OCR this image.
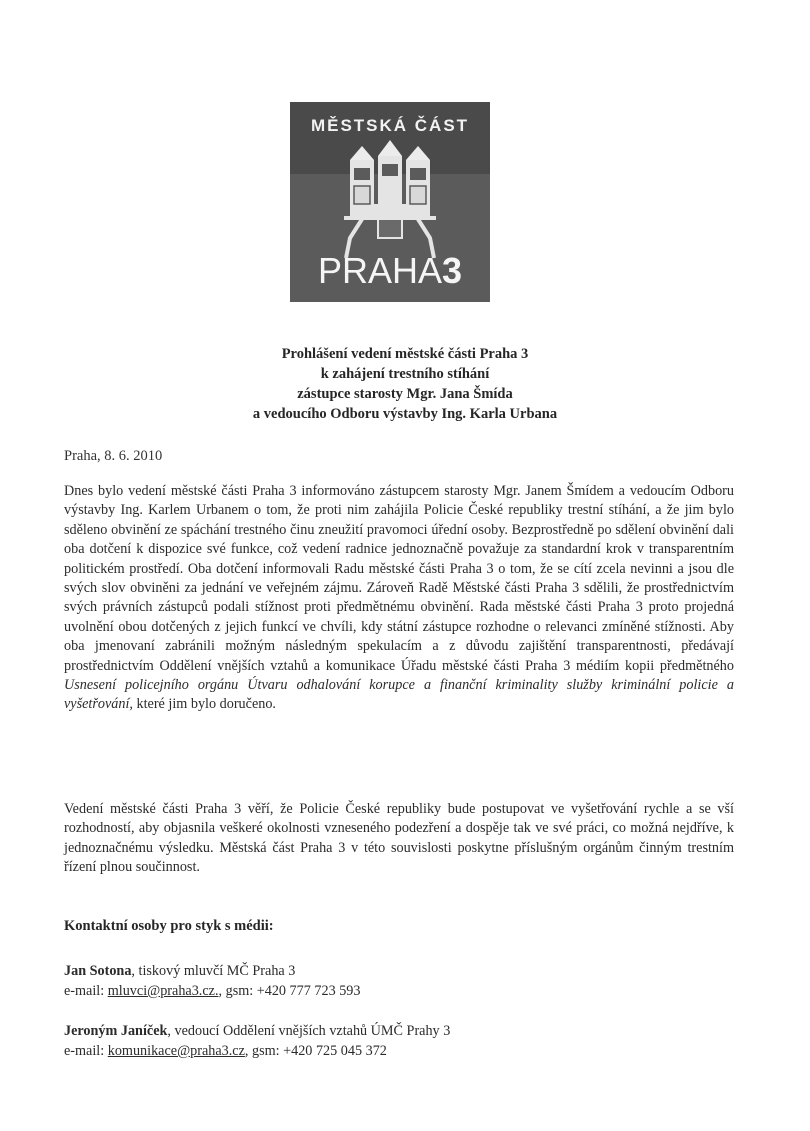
MĚSTSKÁ ČÁST
PRAHA3
Prohlášení vedení městské části Praha 3
k zahájení trestního stíhání
zástupce starosty Mgr. Jana Šmída
a vedoucího Odboru výstavby Ing. Karla Urbana
Praha, 8. 6. 2010
Dnes bylo vedení městské části Praha 3 informováno zástupcem starosty Mgr. Janem Šmídem a vedoucím Odboru výstavby Ing. Karlem Urbanem o tom, že proti nim zahájila Policie České republiky trestní stíhání, a že jim bylo sděleno obvinění ze spáchání trestného činu zneužití pravomoci úřední osoby. Bezprostředně po sdělení obvinění dali oba dotčení k dispozice své funkce, což vedení radnice jednoznačně považuje za standardní krok v transparentním politickém prostředí. Oba dotčení informovali Radu městské části Praha 3 o tom, že se cítí zcela nevinni a jsou dle svých slov obviněni za jednání ve veřejném zájmu. Zároveň Radě Městské části Praha 3 sdělili, že prostřednictvím svých právních zástupců podali stížnost proti předmětnému obvinění. Rada městské části Praha 3 proto projedná uvolnění obou dotčených z jejich funkcí ve chvíli, kdy státní zástupce rozhodne o relevanci zmíněné stížnosti. Aby oba jmenovaní zabránili možným následným spekulacím a z důvodu zajištění transparentnosti, předávají prostřednictvím Oddělení vnějších vztahů a komunikace Úřadu městské části Praha 3 médiím kopii předmětného Usnesení policejního orgánu Útvaru odhalování korupce a finanční kriminality služby kriminální policie a vyšetřování, které jim bylo doručeno.
Vedení městské části Praha 3 věří, že Policie České republiky bude postupovat ve vyšetřování rychle a se vší rozhodností, aby objasnila veškeré okolnosti vzneseného podezření a dospěje tak ve své práci, co možná nejdříve, k jednoznačnému výsledku. Městská část Praha 3 v této souvislosti poskytne příslušným orgánům činným trestním řízení plnou součinnost.
Kontaktní osoby pro styk s médii:
Jan Sotona, tiskový mluvčí MČ Praha 3
e-mail: mluvci@praha3.cz., gsm: +420 777 723 593
Jeroným Janíček, vedoucí Oddělení vnějších vztahů ÚMČ Prahy 3
e-mail: komunikace@praha3.cz, gsm: +420 725 045 372
